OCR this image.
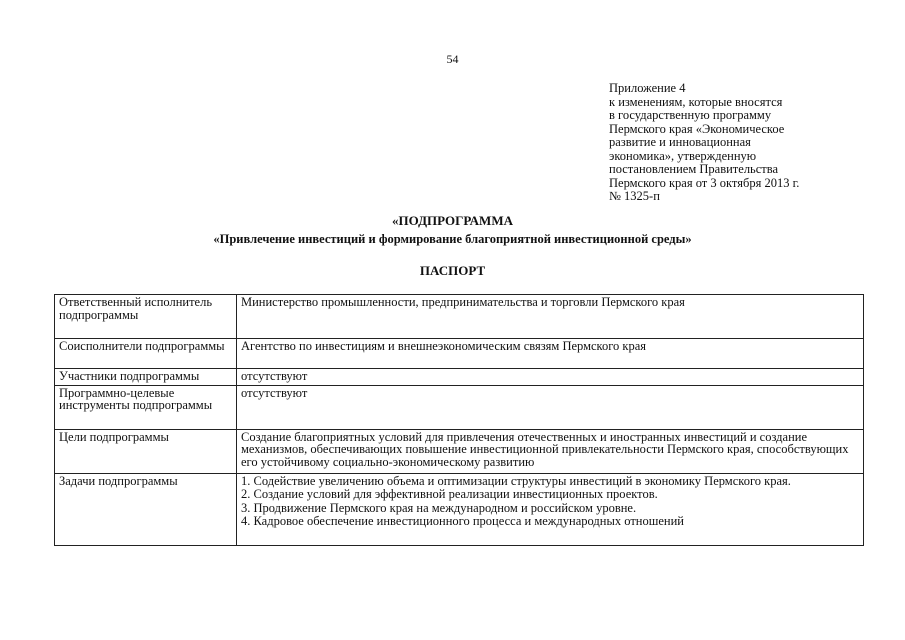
54
Приложение 4
к изменениям, которые вносятся
в государственную программу
Пермского края «Экономическое
развитие и инновационная
экономика», утвержденную
постановлением Правительства
Пермского края от 3 октября 2013 г.
№ 1325-п
«ПОДПРОГРАММА
«Привлечение инвестиций и формирование благоприятной инвестиционной среды»
ПАСПОРТ
Ответственный исполнитель подпрограммы	Министерство промышленности, предпринимательства и торговли Пермского края
Соисполнители подпрограммы	Агентство по инвестициям и внешнеэкономическим связям Пермского края
Участники подпрограммы	отсутствуют
Программно-целевые инструменты подпрограммы	отсутствуют
Цели подпрограммы	Создание благоприятных условий для привлечения отечественных и иностранных инвестиций и создание механизмов, обеспечивающих повышение инвестиционной привлекательности Пермского края, способствующих его устойчивому социально-экономическому развитию
Задачи подпрограммы	1. Содействие увеличению объема и оптимизации структуры инвестиций в экономику Пермского края.
2. Создание условий для эффективной реализации инвестиционных проектов.
3. Продвижение Пермского края на международном и российском уровне.
4. Кадровое обеспечение инвестиционного процесса и международных отношений
